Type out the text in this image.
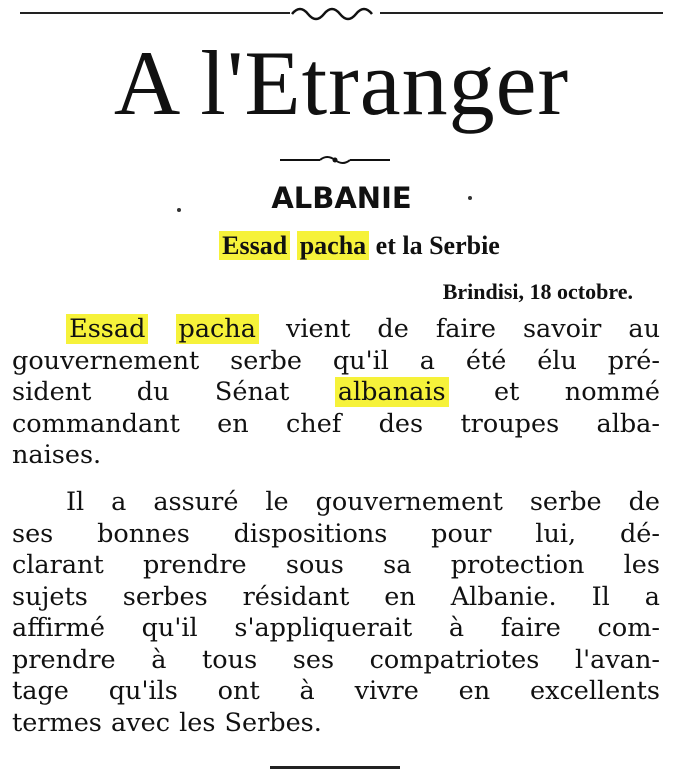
A l'Etranger
ALBANIE
Essad pacha et la Serbie
Brindisi, 18 octobre.
Essad pacha vient de faire savoir au
gouvernement serbe qu'il a été élu pré-
sident du Sénat albanais et nommé
commandant en chef des troupes alba-
naises.
Il a assuré le gouvernement serbe de
ses bonnes dispositions pour lui, dé-
clarant prendre sous sa protection les
sujets serbes résidant en Albanie. Il a
affirmé qu'il s'appliquerait à faire com-
prendre à tous ses compatriotes l'avan-
tage qu'ils ont à vivre en excellents
termes avec les Serbes.
